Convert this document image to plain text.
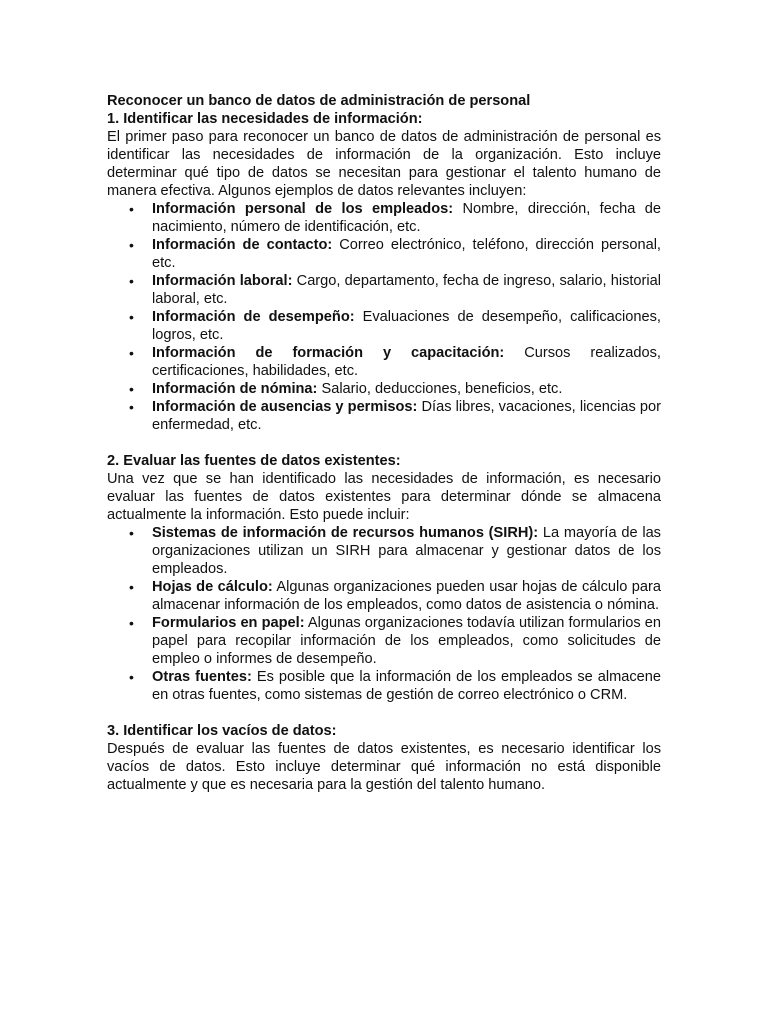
Reconocer un banco de datos de administración de personal
1. Identificar las necesidades de información:

El primer paso para reconocer un banco de datos de administración de personal es identificar las necesidades de información de la organización. Esto incluye determinar qué tipo de datos se necesitan para gestionar el talento humano de manera efectiva. Algunos ejemplos de datos relevantes incluyen:

• Información personal de los empleados: Nombre, dirección, fecha de nacimiento, número de identificación, etc.
• Información de contacto: Correo electrónico, teléfono, dirección personal, etc.
• Información laboral: Cargo, departamento, fecha de ingreso, salario, historial laboral, etc.
• Información de desempeño: Evaluaciones de desempeño, calificaciones, logros, etc.
• Información de formación y capacitación: Cursos realizados, certificaciones, habilidades, etc.
• Información de nómina: Salario, deducciones, beneficios, etc.
• Información de ausencias y permisos: Días libres, vacaciones, licencias por enfermedad, etc.
2. Evaluar las fuentes de datos existentes:

Una vez que se han identificado las necesidades de información, es necesario evaluar las fuentes de datos existentes para determinar dónde se almacena actualmente la información. Esto puede incluir:

• Sistemas de información de recursos humanos (SIRH): La mayoría de las organizaciones utilizan un SIRH para almacenar y gestionar datos de los empleados.
• Hojas de cálculo: Algunas organizaciones pueden usar hojas de cálculo para almacenar información de los empleados, como datos de asistencia o nómina.
• Formularios en papel: Algunas organizaciones todavía utilizan formularios en papel para recopilar información de los empleados, como solicitudes de empleo o informes de desempeño.
• Otras fuentes: Es posible que la información de los empleados se almacene en otras fuentes, como sistemas de gestión de correo electrónico o CRM.
3. Identificar los vacíos de datos:

Después de evaluar las fuentes de datos existentes, es necesario identificar los vacíos de datos. Esto incluye determinar qué información no está disponible actualmente y que es necesaria para la gestión del talento humano.
